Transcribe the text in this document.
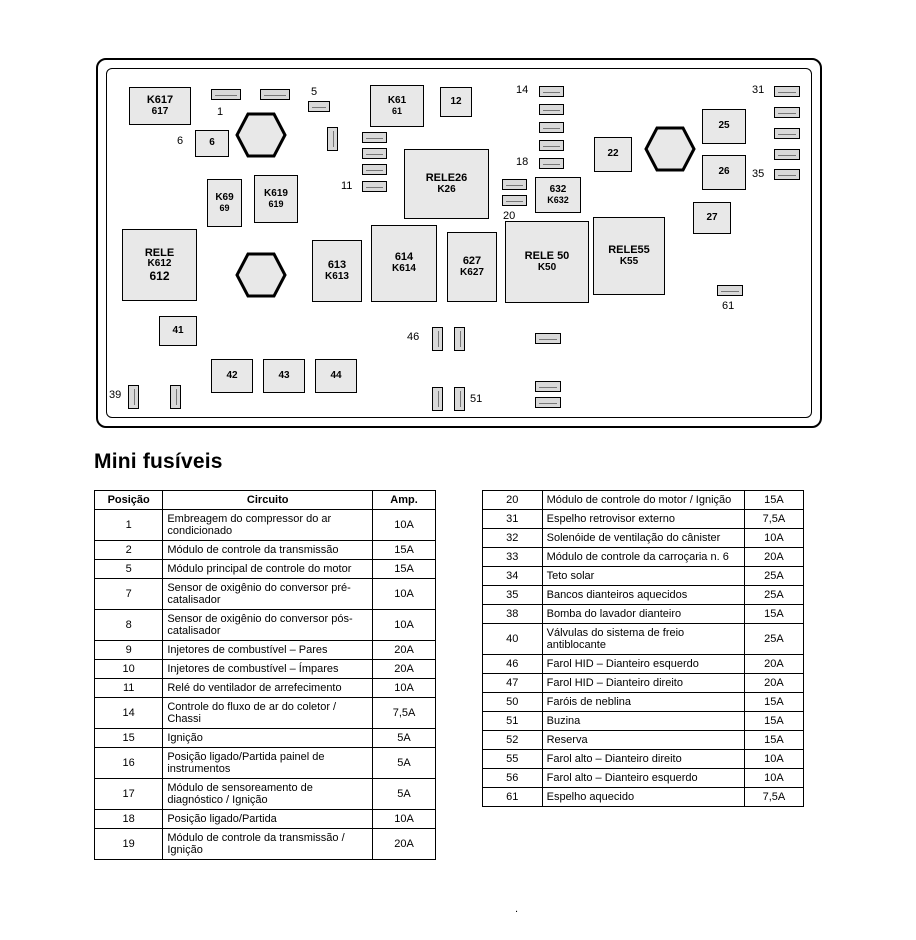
K617
617
K61
61
12
6
RELE26
K26
K69
69
K619
619
RELE
K612
612
613
K613
614
K614
627
K627
RELE 50
K50
RELE55
K55
22
25
26
27
632
K632
41
42	43	44
1
5
6
11
14
18
20
31
35
61
39
46
51
Mini fusíveis
Posição	Circuito	Amp.
1	Embreagem do compressor do ar condicionado	10A
2	Módulo de controle da transmissão	15A
5	Módulo principal de controle do motor	15A
7	Sensor de oxigênio do conversor pré-catalisador	10A
8	Sensor de oxigênio do conversor pós-catalisador	10A
9	Injetores de combustível – Pares	20A
10	Injetores de combustível – Ímpares	20A
11	Relé do ventilador de arrefecimento	10A
14	Controle do fluxo de ar do coletor / Chassi	7,5A
15	Ignição	5A
16	Posição ligado/Partida painel de instrumentos	5A
17	Módulo de sensoreamento de diagnóstico / Ignição	5A
18	Posição ligado/Partida	10A
19	Módulo de controle da transmissão / Ignição	20A
20	Módulo de controle do motor / Ignição	15A
31	Espelho retrovisor externo	7,5A
32	Solenóide de ventilação do cânister	10A
33	Módulo de controle da carroçaria n. 6	20A
34	Teto solar	25A
35	Bancos dianteiros aquecidos	25A
38	Bomba do lavador dianteiro	15A
40	Válvulas do sistema de freio antiblocante	25A
46	Farol HID – Dianteiro esquerdo	20A
47	Farol HID – Dianteiro direito	20A
50	Faróis de neblina	15A
51	Buzina	15A
52	Reserva	15A
55	Farol alto – Dianteiro direito	10A
56	Farol alto – Dianteiro esquerdo	10A
61	Espelho aquecido	7,5A
.
